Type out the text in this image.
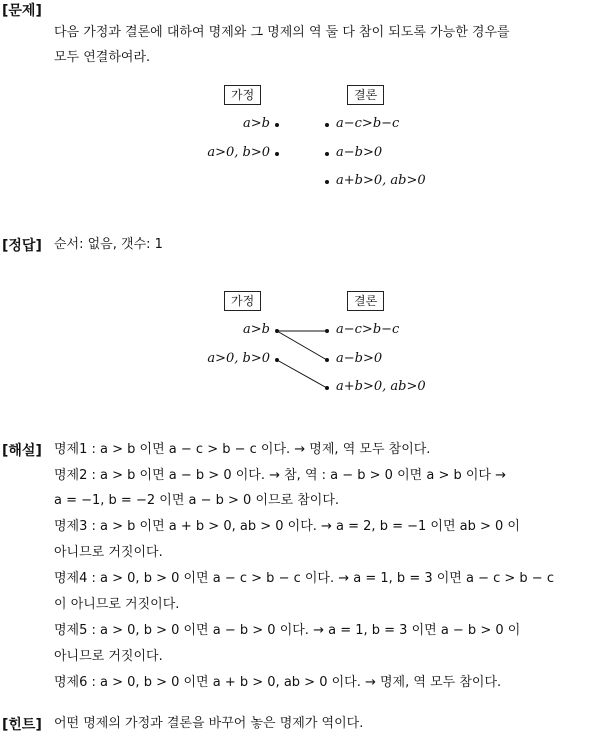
[문제]
다음 가정과 결론에 대하여 명제와 그 명제의 역 둘 다 참이 되도록 가능한 경우를
모두 연결하여라.
가정	결론
a>b
a>0, b>0
a−c>b−c
a−b>0
a+b>0, ab>0
[정답] 순서: 없음, 갯수: 1
가정	결론
a>b
a>0, b>0
a−c>b−c
a−b>0
a+b>0, ab>0
[해설] 명제1 : a > b 이면 a − c > b − c 이다. → 명제, 역 모두 참이다.
명제2 : a > b 이면 a − b > 0 이다. → 참, 역 : a − b > 0 이면 a > b 이다 →
a = −1, b = −2 이면 a − b > 0 이므로 참이다.
명제3 : a > b 이면 a + b > 0, ab > 0 이다. → a = 2, b = −1 이면 ab > 0 이
아니므로 거짓이다.
명제4 : a > 0, b > 0 이면 a − c > b − c 이다. → a = 1, b = 3 이면 a − c > b − c
이 아니므로 거짓이다.
명제5 : a > 0, b > 0 이면 a − b > 0 이다. → a = 1, b = 3 이면 a − b > 0 이
아니므로 거짓이다.
명제6 : a > 0, b > 0 이면 a + b > 0, ab > 0 이다. → 명제, 역 모두 참이다.
[힌트] 어떤 명제의 가정과 결론을 바꾸어 놓은 명제가 역이다.
